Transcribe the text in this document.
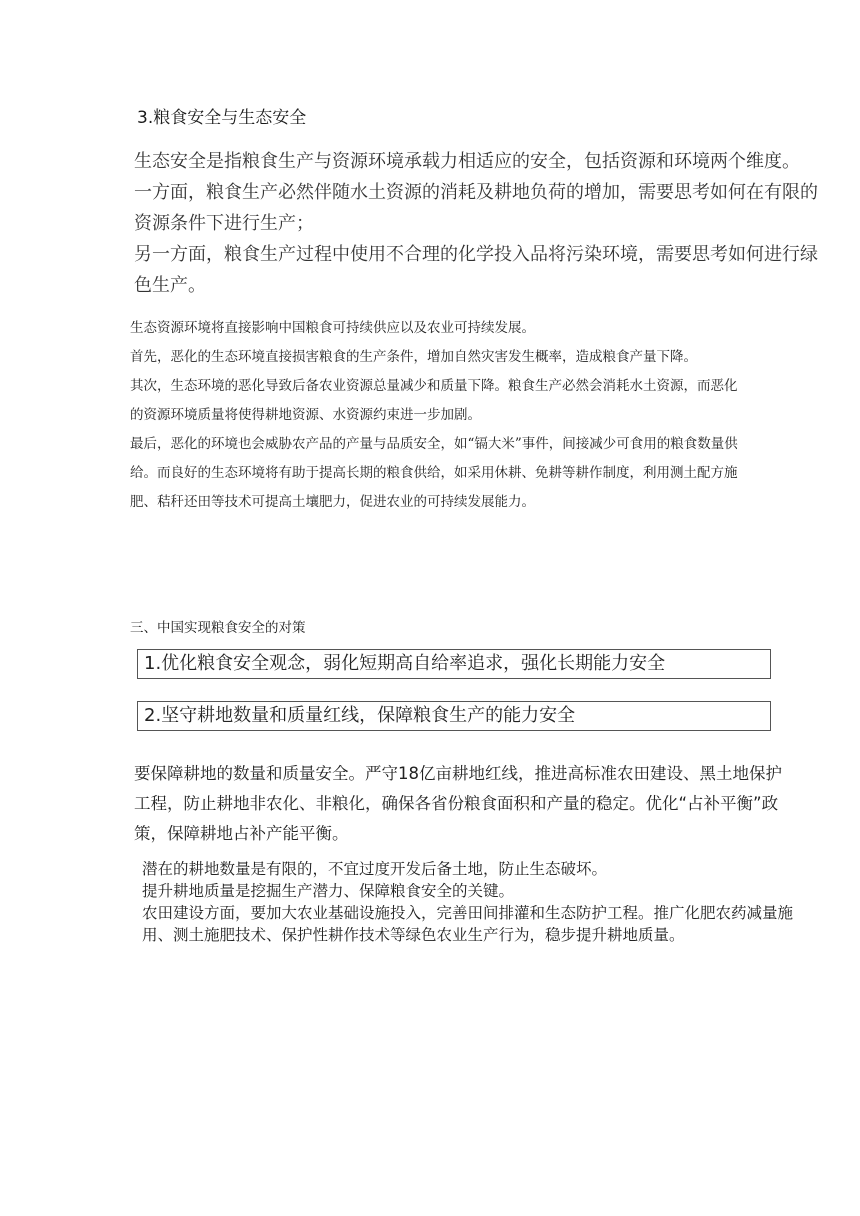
3.粮食安全与生态安全

生态安全是指粮食生产与资源环境承载力相适应的安全，包括资源和环境两个维度。

一方面，粮食生产必然伴随水土资源的消耗及耕地负荷的增加，需要思考如何在有限的资源条件下进行生产；

另一方面，粮食生产过程中使用不合理的化学投入品将污染环境，需要思考如何进行绿色生产。

生态资源环境将直接影响中国粮食可持续供应以及农业可持续发展。

首先，恶化的生态环境直接损害粮食的生产条件，增加自然灾害发生概率，造成粮食产量下降。

其次，生态环境的恶化导致后备农业资源总量减少和质量下降。粮食生产必然会消耗水土资源，而恶化的资源环境质量将使得耕地资源、水资源约束进一步加剧。

最后，恶化的环境也会威胁农产品的产量与品质安全，如“镉大米”事件，间接减少可食用的粮食数量供给。而良好的生态环境将有助于提高长期的粮食供给，如采用休耕、免耕等耕作制度，利用测土配方施肥、秸秆还田等技术可提高土壤肥力，促进农业的可持续发展能力。

三、中国实现粮食安全的对策
1.优化粮食安全观念，弱化短期高自给率追求，强化长期能力安全
2.坚守耕地数量和质量红线，保障粮食生产的能力安全

要保障耕地的数量和质量安全。严守18亿亩耕地红线，推进高标准农田建设、黑土地保护工程，防止耕地非农化、非粮化，确保各省份粮食面积和产量的稳定。优化“占补平衡”政策，保障耕地占补产能平衡。

潜在的耕地数量是有限的，不宜过度开发后备土地，防止生态破坏。

提升耕地质量是挖掘生产潜力、保障粮食安全的关键。

农田建设方面，要加大农业基础设施投入，完善田间排灌和生态防护工程。推广化肥农药减量施用、测土施肥技术、保护性耕作技术等绿色农业生产行为，稳步提升耕地质量。
